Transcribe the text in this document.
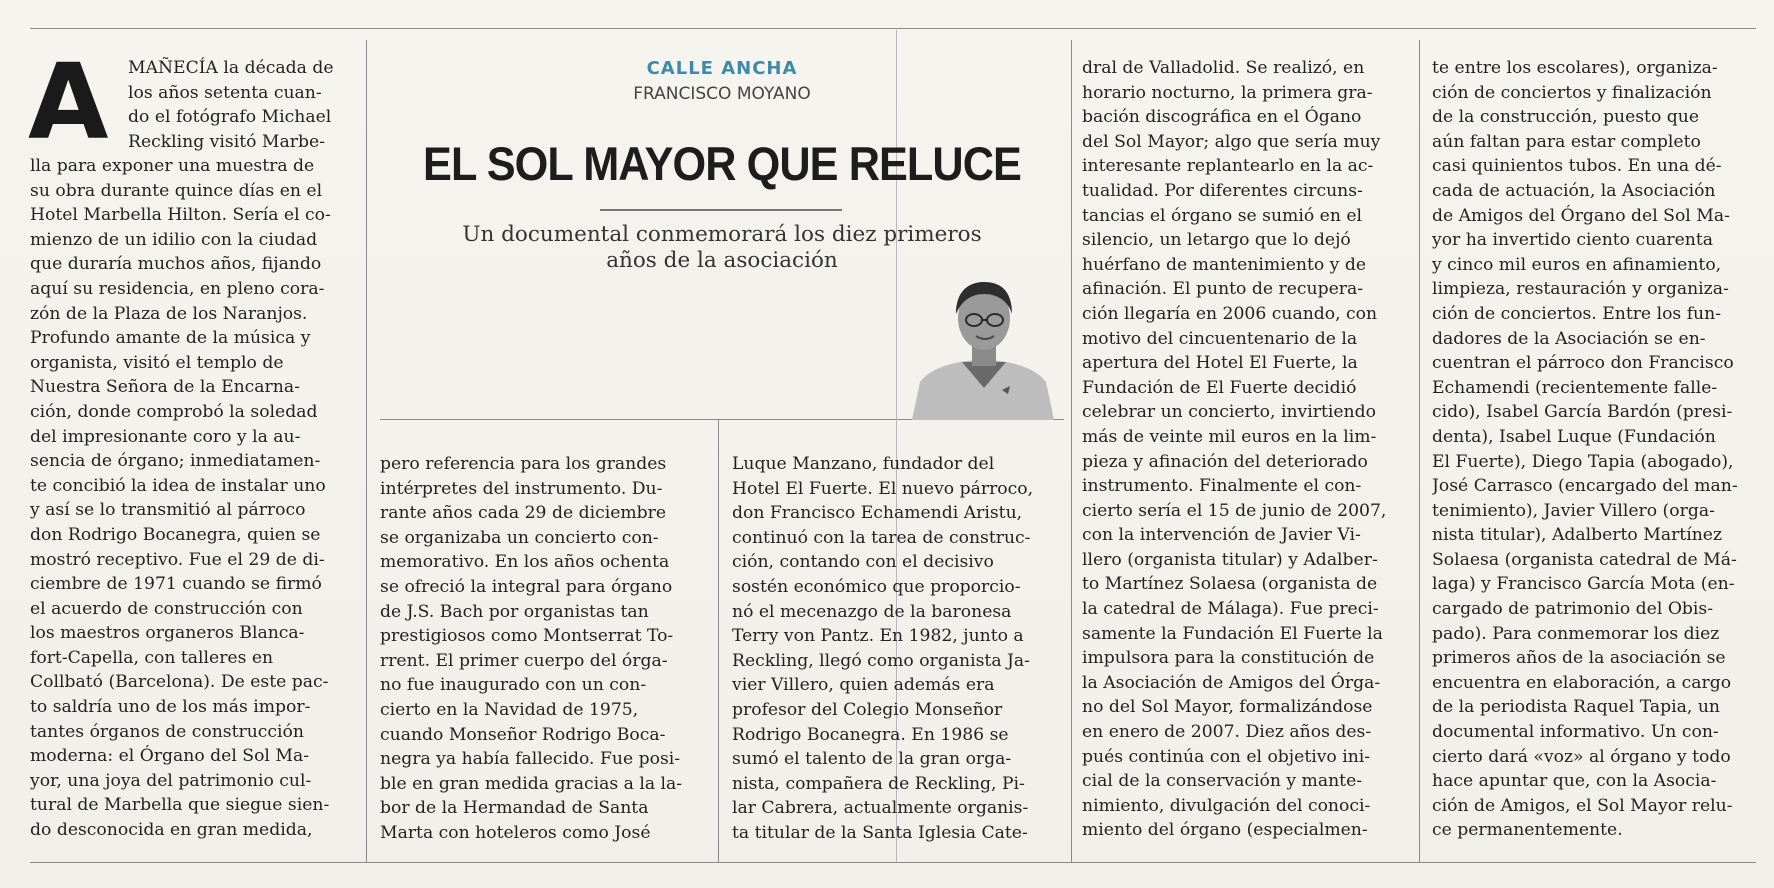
CALLE ANCHA
FRANCISCO MOYANO
EL SOL MAYOR QUE RELUCE
Un documental conmemorará los diez primeros
años de la asociación
A MAÑECÍA la década de
los años setenta cuan-
do el fotógrafo Michael
Reckling visitó Marbe-
lla para exponer una muestra de
su obra durante quince días en el
Hotel Marbella Hilton. Sería el co-
mienzo de un idilio con la ciudad
que duraría muchos años, fijando
aquí su residencia, en pleno cora-
zón de la Plaza de los Naranjos.
Profundo amante de la música y
organista, visitó el templo de
Nuestra Señora de la Encarna-
ción, donde comprobó la soledad
del impresionante coro y la au-
sencia de órgano; inmediatamen-
te concibió la idea de instalar uno
y así se lo transmitió al párroco
don Rodrigo Bocanegra, quien se
mostró receptivo. Fue el 29 de di-
ciembre de 1971 cuando se firmó
el acuerdo de construcción con
los maestros organeros Blanca-
fort-Capella, con talleres en
Collbató (Barcelona). De este pac-
to saldría uno de los más impor-
tantes órganos de construcción
moderna: el Órgano del Sol Ma-
yor, una joya del patrimonio cul-
tural de Marbella que siegue sien-
do desconocida en gran medida,
pero referencia para los grandes
intérpretes del instrumento. Du-
rante años cada 29 de diciembre
se organizaba un concierto con-
memorativo. En los años ochenta
se ofreció la integral para órgano
de J.S. Bach por organistas tan
prestigiosos como Montserrat To-
rrent. El primer cuerpo del órga-
no fue inaugurado con un con-
cierto en la Navidad de 1975,
cuando Monseñor Rodrigo Boca-
negra ya había fallecido. Fue posi-
ble en gran medida gracias a la la-
bor de la Hermandad de Santa
Marta con hoteleros como José
Luque Manzano, fundador del
Hotel El Fuerte. El nuevo párroco,
don Francisco Echamendi Aristu,
continuó con la tarea de construc-
ción, contando con el decisivo
sostén económico que proporcio-
nó el mecenazgo de la baronesa
Terry von Pantz. En 1982, junto a
Reckling, llegó como organista Ja-
vier Villero, quien además era
profesor del Colegio Monseñor
Rodrigo Bocanegra. En 1986 se
sumó el talento de la gran orga-
nista, compañera de Reckling, Pi-
lar Cabrera, actualmente organis-
ta titular de la Santa Iglesia Cate-
dral de Valladolid. Se realizó, en
horario nocturno, la primera gra-
bación discográfica en el Ógano
del Sol Mayor; algo que sería muy
interesante replantearlo en la ac-
tualidad. Por diferentes circuns-
tancias el órgano se sumió en el
silencio, un letargo que lo dejó
huérfano de mantenimiento y de
afinación. El punto de recupera-
ción llegaría en 2006 cuando, con
motivo del cincuentenario de la
apertura del Hotel El Fuerte, la
Fundación de El Fuerte decidió
celebrar un concierto, invirtiendo
más de veinte mil euros en la lim-
pieza y afinación del deteriorado
instrumento. Finalmente el con-
cierto sería el 15 de junio de 2007,
con la intervención de Javier Vi-
llero (organista titular) y Adalber-
to Martínez Solaesa (organista de
la catedral de Málaga). Fue preci-
samente la Fundación El Fuerte la
impulsora para la constitución de
la Asociación de Amigos del Órga-
no del Sol Mayor, formalizándose
en enero de 2007. Diez años des-
pués continúa con el objetivo ini-
cial de la conservación y mante-
nimiento, divulgación del conoci-
miento del órgano (especialmen-
te entre los escolares), organiza-
ción de conciertos y finalización
de la construcción, puesto que
aún faltan para estar completo
casi quinientos tubos. En una dé-
cada de actuación, la Asociación
de Amigos del Órgano del Sol Ma-
yor ha invertido ciento cuarenta
y cinco mil euros en afinamiento,
limpieza, restauración y organiza-
ción de conciertos. Entre los fun-
dadores de la Asociación se en-
cuentran el párroco don Francisco
Echamendi (recientemente falle-
cido), Isabel García Bardón (presi-
denta), Isabel Luque (Fundación
El Fuerte), Diego Tapia (abogado),
José Carrasco (encargado del man-
tenimiento), Javier Villero (orga-
nista titular), Adalberto Martínez
Solaesa (organista catedral de Má-
laga) y Francisco García Mota (en-
cargado de patrimonio del Obis-
pado). Para conmemorar los diez
primeros años de la asociación se
encuentra en elaboración, a cargo
de la periodista Raquel Tapia, un
documental informativo. Un con-
cierto dará «voz» al órgano y todo
hace apuntar que, con la Asocia-
ción de Amigos, el Sol Mayor relu-
ce permanentemente.
